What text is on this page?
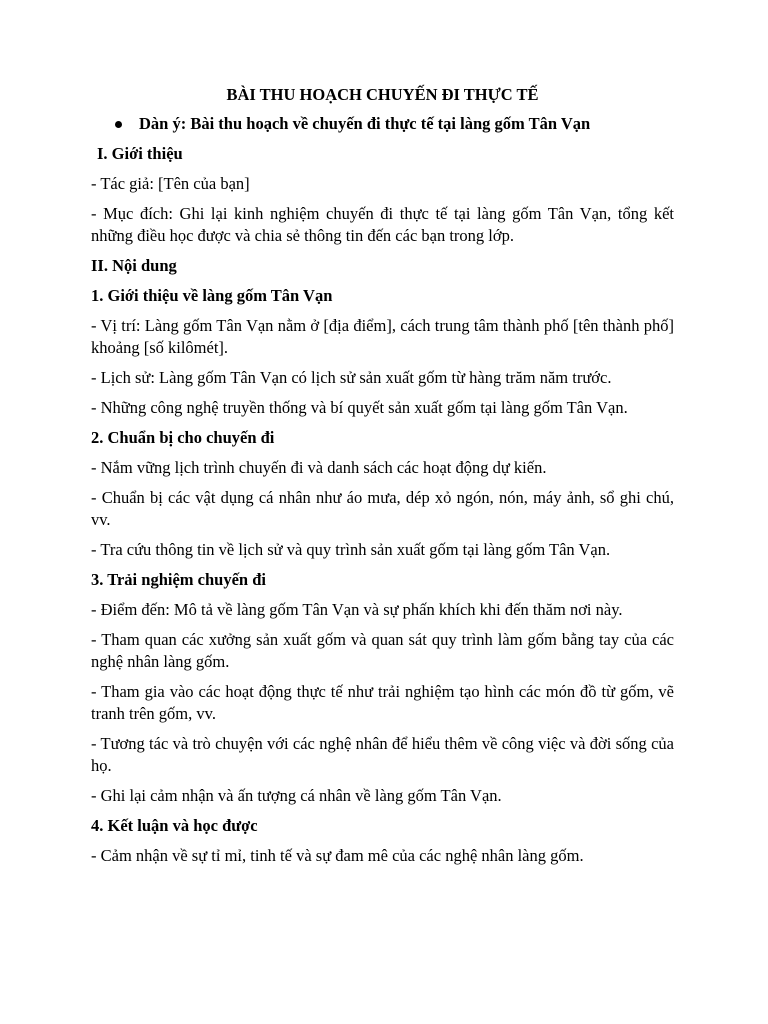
BÀI THU HOẠCH CHUYẾN ĐI THỰC TẾ
Dàn ý: Bài thu hoạch về chuyến đi thực tế tại làng gốm Tân Vạn
I. Giới thiệu
- Tác giả: [Tên của bạn]
- Mục đích: Ghi lại kinh nghiệm chuyến đi thực tế tại làng gốm Tân Vạn, tổng kết những điều học được và chia sẻ thông tin đến các bạn trong lớp.
II. Nội dung
1. Giới thiệu về làng gốm Tân Vạn
- Vị trí: Làng gốm Tân Vạn nằm ở [địa điểm], cách trung tâm thành phố [tên thành phố] khoảng [số kilômét].
- Lịch sử: Làng gốm Tân Vạn có lịch sử sản xuất gốm từ hàng trăm năm trước.
- Những công nghệ truyền thống và bí quyết sản xuất gốm tại làng gốm Tân Vạn.
2. Chuẩn bị cho chuyến đi
- Nắm vững lịch trình chuyến đi và danh sách các hoạt động dự kiến.
- Chuẩn bị các vật dụng cá nhân như áo mưa, dép xỏ ngón, nón, máy ảnh, sổ ghi chú, vv.
- Tra cứu thông tin về lịch sử và quy trình sản xuất gốm tại làng gốm Tân Vạn.
3. Trải nghiệm chuyến đi
- Điểm đến: Mô tả về làng gốm Tân Vạn và sự phấn khích khi đến thăm nơi này.
- Tham quan các xưởng sản xuất gốm và quan sát quy trình làm gốm bằng tay của các nghệ nhân làng gốm.
- Tham gia vào các hoạt động thực tế như trải nghiệm tạo hình các món đồ từ gốm, vẽ tranh trên gốm, vv.
- Tương tác và trò chuyện với các nghệ nhân để hiểu thêm về công việc và đời sống của họ.
- Ghi lại cảm nhận và ấn tượng cá nhân về làng gốm Tân Vạn.
4. Kết luận và học được
- Cảm nhận về sự tỉ mỉ, tinh tế và sự đam mê của các nghệ nhân làng gốm.
